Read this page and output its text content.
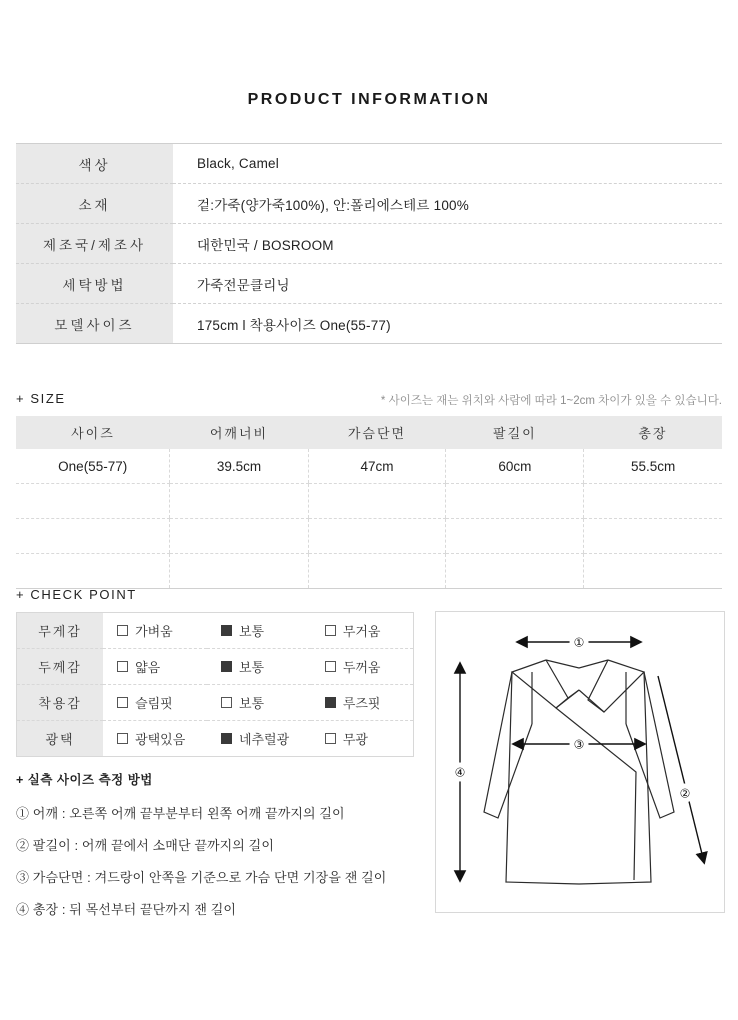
PRODUCT INFORMATION
색상	Black, Camel
소재	겉:가죽(양가죽100%), 안:폴리에스테르 100%
제조국/제조사	대한민국 / BOSROOM
세탁방법	가죽전문클리닝
모델사이즈	175cm l 착용사이즈 One(55-77)
+ SIZE	* 사이즈는 재는 위치와 사람에 따라 1~2cm 차이가 있을 수 있습니다.
사이즈	어깨너비	가슴단면	팔길이	총장
One(55-77)	39.5cm	47cm	60cm	55.5cm

+ CHECK POINT
무게감	가벼움	보통	무거움
두께감	얇음	보통	두꺼움
착용감	슬림핏	보통	루즈핏
광택	광택있음	네추럴광	무광
+ 실측 사이즈 측정 방법
① 어깨 : 오른쪽 어깨 끝부분부터 왼쪽 어깨 끝까지의 길이
② 팔길이 : 어깨 끝에서 소매단 끝까지의 길이
③ 가슴단면 : 겨드랑이 안쪽을 기준으로 가슴 단면 기장을 잰 길이
④ 총장 : 뒤 목선부터 끝단까지 잰 길이
①
②
③
④
